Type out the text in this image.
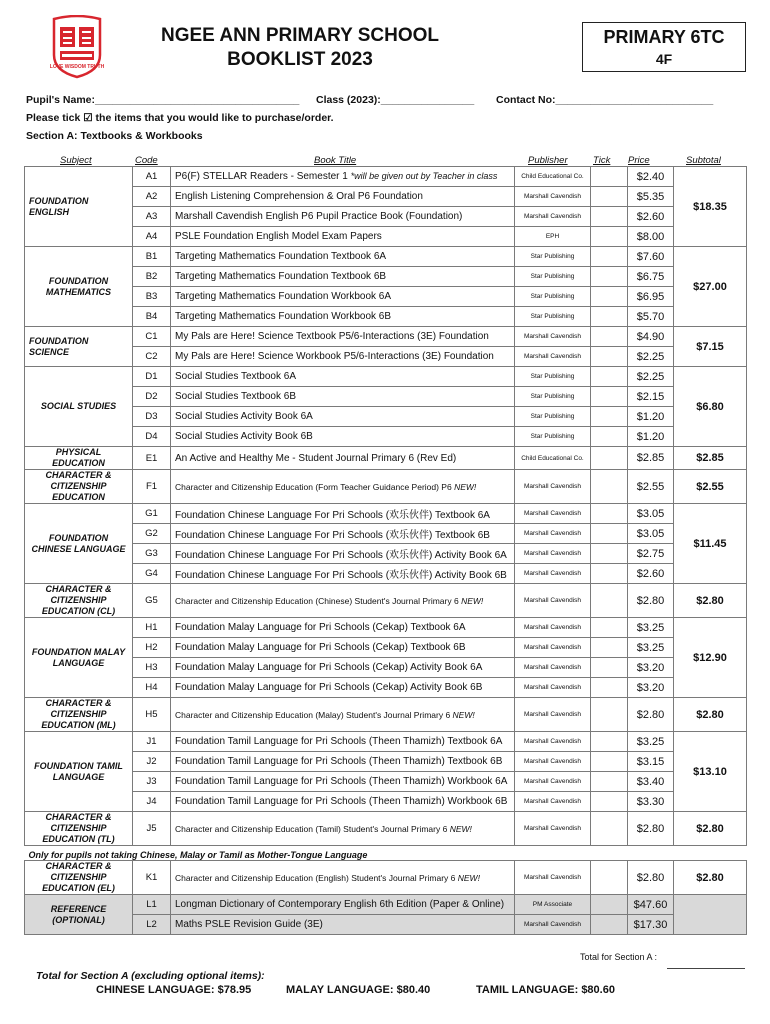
LOVE WISDOM TRUTH
NGEE ANN PRIMARY SCHOOL
BOOKLIST 2023
PRIMARY 6TC
4F
Pupil's Name:___________________________________ Class (2023):________________ Contact No:___________________________
Please tick ☑ the items that you would like to purchase/order.
Section A: Textbooks & Workbooks
Subject	Code	Book Title	Publisher	Tick Price	Subtotal
FOUNDATION ENGLISH	A1	P6(F) STELLAR Readers - Semester 1 *will be given out by Teacher in class	Child Educational Co.		$2.40	$18.35
	A2	English Listening Comprehension & Oral P6 Foundation	Marshall Cavendish		$5.35	
	A3	Marshall Cavendish English P6 Pupil Practice Book (Foundation)	Marshall Cavendish		$2.60	
	A4	PSLE Foundation English Model Exam Papers	EPH		$8.00	
FOUNDATION MATHEMATICS	B1	Targeting Mathematics Foundation Textbook 6A	Star Publishing		$7.60	$27.00
	B2	Targeting Mathematics Foundation Textbook 6B	Star Publishing		$6.75	
	B3	Targeting Mathematics Foundation Workbook 6A	Star Publishing		$6.95	
	B4	Targeting Mathematics Foundation Workbook 6B	Star Publishing		$5.70	
FOUNDATION SCIENCE	C1	My Pals are Here! Science Textbook P5/6-Interactions (3E) Foundation	Marshall Cavendish		$4.90	$7.15
	C2	My Pals are Here! Science Workbook P5/6-Interactions (3E) Foundation	Marshall Cavendish		$2.25	
SOCIAL STUDIES	D1	Social Studies Textbook 6A	Star Publishing		$2.25	$6.80
	D2	Social Studies Textbook 6B	Star Publishing		$2.15	
	D3	Social Studies Activity Book 6A	Star Publishing		$1.20	
	D4	Social Studies Activity Book 6B	Star Publishing		$1.20	
PHYSICAL EDUCATION	E1	An Active and Healthy Me - Student Journal Primary 6 (Rev Ed)	Child Educational Co.		$2.85	$2.85
CHARACTER & CITIZENSHIP EDUCATION	F1	Character and Citizenship Education (Form Teacher Guidance Period) P6 NEW!	Marshall Cavendish		$2.55	$2.55
FOUNDATION CHINESE LANGUAGE	G1	Foundation Chinese Language For Pri Schools (欢乐伙伴) Textbook 6A	Marshall Cavendish		$3.05	$11.45
	G2	Foundation Chinese Language For Pri Schools (欢乐伙伴) Textbook 6B	Marshall Cavendish		$3.05	
	G3	Foundation Chinese Language For Pri Schools (欢乐伙伴) Activity Book 6A	Marshall Cavendish		$2.75	
	G4	Foundation Chinese Language For Pri Schools (欢乐伙伴) Activity Book 6B	Marshall Cavendish		$2.60	
CHARACTER & CITIZENSHIP EDUCATION (CL)	G5	Character and Citizenship Education (Chinese) Student's Journal Primary 6 NEW!	Marshall Cavendish		$2.80	$2.80
FOUNDATION MALAY LANGUAGE	H1	Foundation Malay Language for Pri Schools (Cekap) Textbook 6A	Marshall Cavendish		$3.25	$12.90
	H2	Foundation Malay Language for Pri Schools (Cekap) Textbook 6B	Marshall Cavendish		$3.25	
	H3	Foundation Malay Language for Pri Schools (Cekap) Activity Book 6A	Marshall Cavendish		$3.20	
	H4	Foundation Malay Language for Pri Schools (Cekap) Activity Book 6B	Marshall Cavendish		$3.20	
CHARACTER & CITIZENSHIP EDUCATION (ML)	H5	Character and Citizenship Education (Malay) Student's Journal Primary 6 NEW!	Marshall Cavendish		$2.80	$2.80
FOUNDATION TAMIL LANGUAGE	J1	Foundation Tamil Language for Pri Schools (Theen Thamizh) Textbook 6A	Marshall Cavendish		$3.25	$13.10
	J2	Foundation Tamil Language for Pri Schools (Theen Thamizh) Textbook 6B	Marshall Cavendish		$3.15	
	J3	Foundation Tamil Language for Pri Schools (Theen Thamizh) Workbook 6A	Marshall Cavendish		$3.40	
	J4	Foundation Tamil Language for Pri Schools (Theen Thamizh) Workbook 6B	Marshall Cavendish		$3.30	
CHARACTER & CITIZENSHIP EDUCATION (TL)	J5	Character and Citizenship Education (Tamil) Student's Journal Primary 6 NEW!	Marshall Cavendish		$2.80	$2.80
Only for pupils not taking Chinese, Malay or Tamil as Mother-Tongue Language						
CHARACTER & CITIZENSHIP EDUCATION (EL)	K1	Character and Citizenship Education (English) Student's Journal Primary 6 NEW!	Marshall Cavendish		$2.80	$2.80
REFERENCE (OPTIONAL)	L1	Longman Dictionary of Contemporary English 6th Edition (Paper & Online)	PM Associate		$47.60	
	L2	Maths PSLE Revision Guide (3E)	Marshall Cavendish		$17.30	
Total for Section A :
Total for Section A (excluding optional items):
CHINESE LANGUAGE: $78.95	MALAY LANGUAGE: $80.40	TAMIL LANGUAGE: $80.60
